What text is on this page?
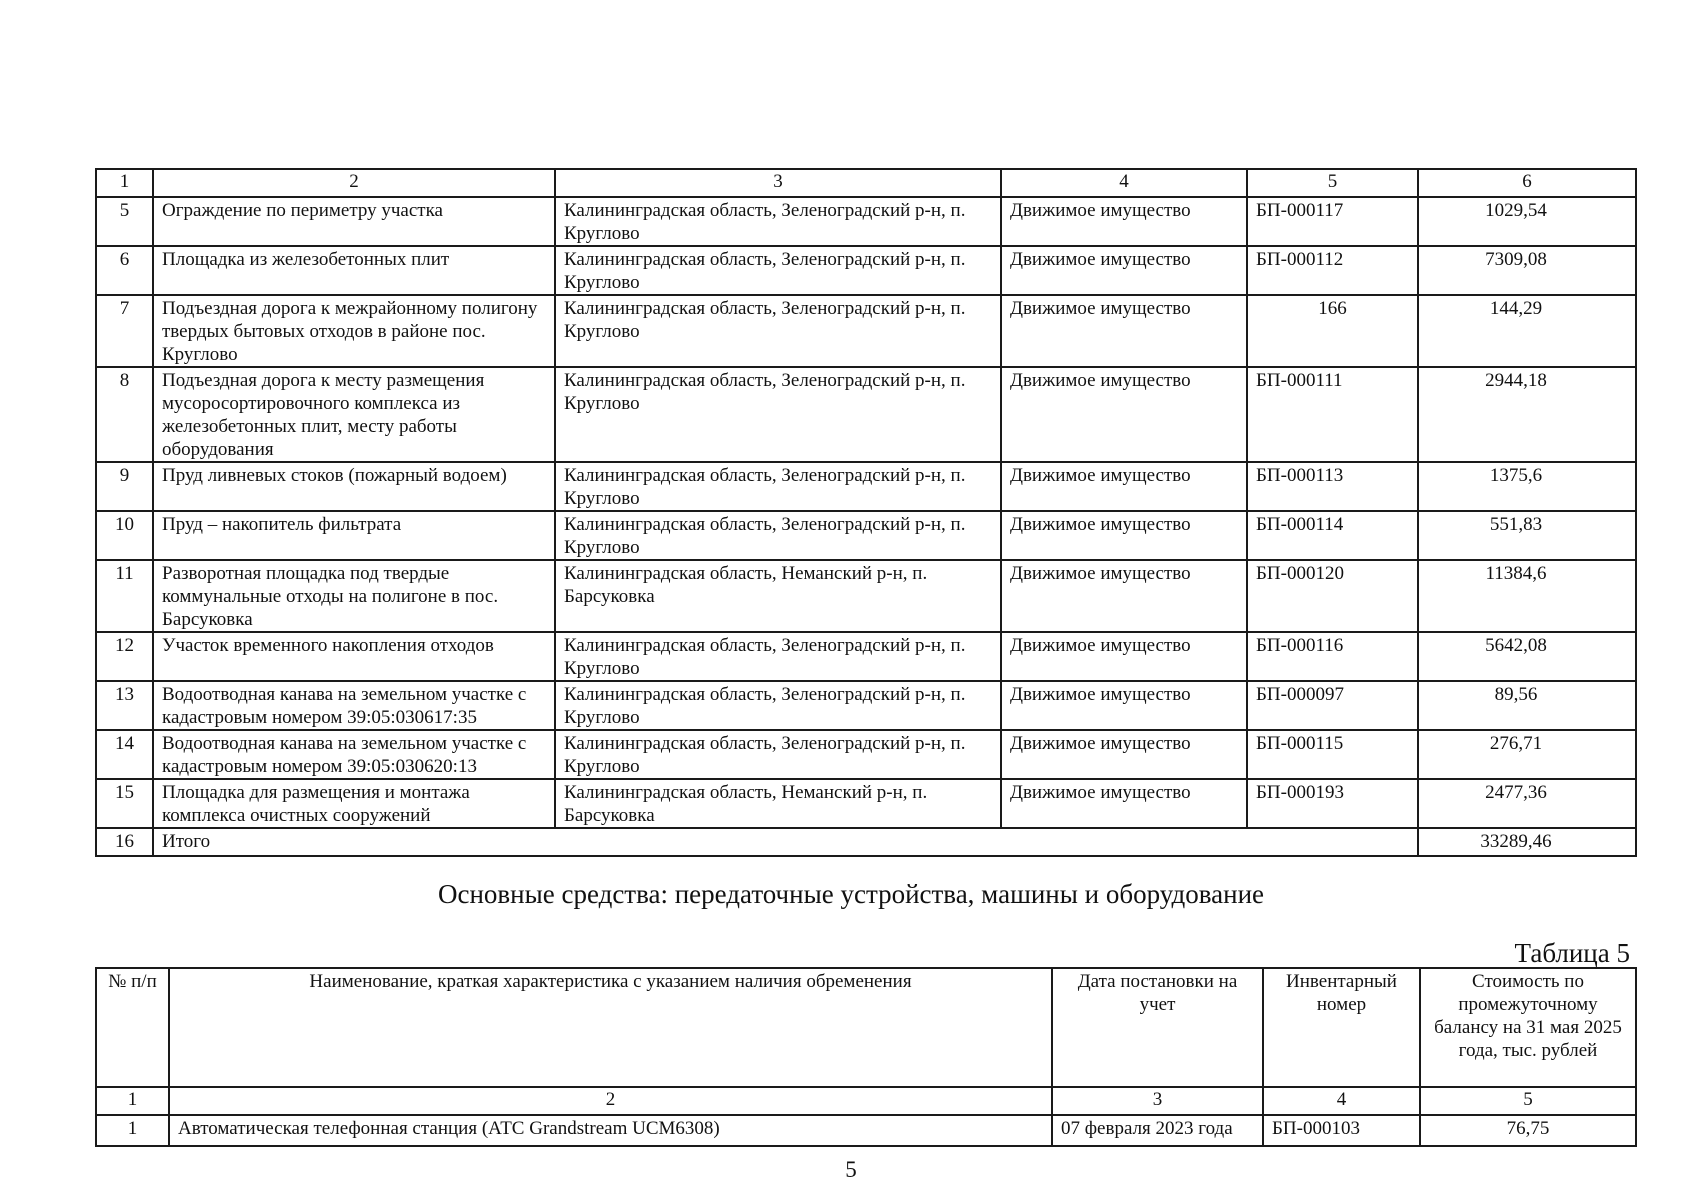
1	2	3	4	5	6
5	Ограждение по периметру участка	Калининградская область, Зеленоградский р-н, п. Круглово	Движимое имущество	БП-000117	1029,54
6	Площадка из железобетонных плит	Калининградская область, Зеленоградский р-н, п. Круглово	Движимое имущество	БП-000112	7309,08
7	Подъездная дорога к межрайонному полигону твердых бытовых отходов в районе пос. Круглово	Калининградская область, Зеленоградский р-н, п. Круглово	Движимое имущество	166	144,29
8	Подъездная дорога к месту размещения мусоросортировочного комплекса из железобетонных плит, месту работы оборудования	Калининградская область, Зеленоградский р-н, п. Круглово	Движимое имущество	БП-000111	2944,18
9	Пруд ливневых стоков (пожарный водоем)	Калининградская область, Зеленоградский р-н, п. Круглово	Движимое имущество	БП-000113	1375,6
10	Пруд – накопитель фильтрата	Калининградская область, Зеленоградский р-н, п. Круглово	Движимое имущество	БП-000114	551,83
11	Разворотная площадка под твердые коммунальные отходы на полигоне в пос. Барсуковка	Калининградская область, Неманский р-н, п. Барсуковка	Движимое имущество	БП-000120	11384,6
12	Участок временного накопления отходов	Калининградская область, Зеленоградский р-н, п. Круглово	Движимое имущество	БП-000116	5642,08
13	Водоотводная канава на земельном участке с кадастровым номером 39:05:030617:35	Калининградская область, Зеленоградский р-н, п. Круглово	Движимое имущество	БП-000097	89,56
14	Водоотводная канава на земельном участке с кадастровым номером 39:05:030620:13	Калининградская область, Зеленоградский р-н, п. Круглово	Движимое имущество	БП-000115	276,71
15	Площадка для размещения и монтажа комплекса очистных сооружений	Калининградская область, Неманский р-н, п. Барсуковка	Движимое имущество	БП-000193	2477,36
16	Итого				33289,46
Основные средства: передаточные устройства, машины и оборудование
Таблица 5
№ п/п	Наименование, краткая характеристика с указанием наличия обременения	Дата постановки на учет	Инвентарный номер	Стоимость по промежуточному балансу на 31 мая 2025 года, тыс. рублей
1	2	3	4	5
1	Автоматическая телефонная станция (АТС Grandstream UCM6308)	07 февраля 2023 года	БП-000103	76,75
5
